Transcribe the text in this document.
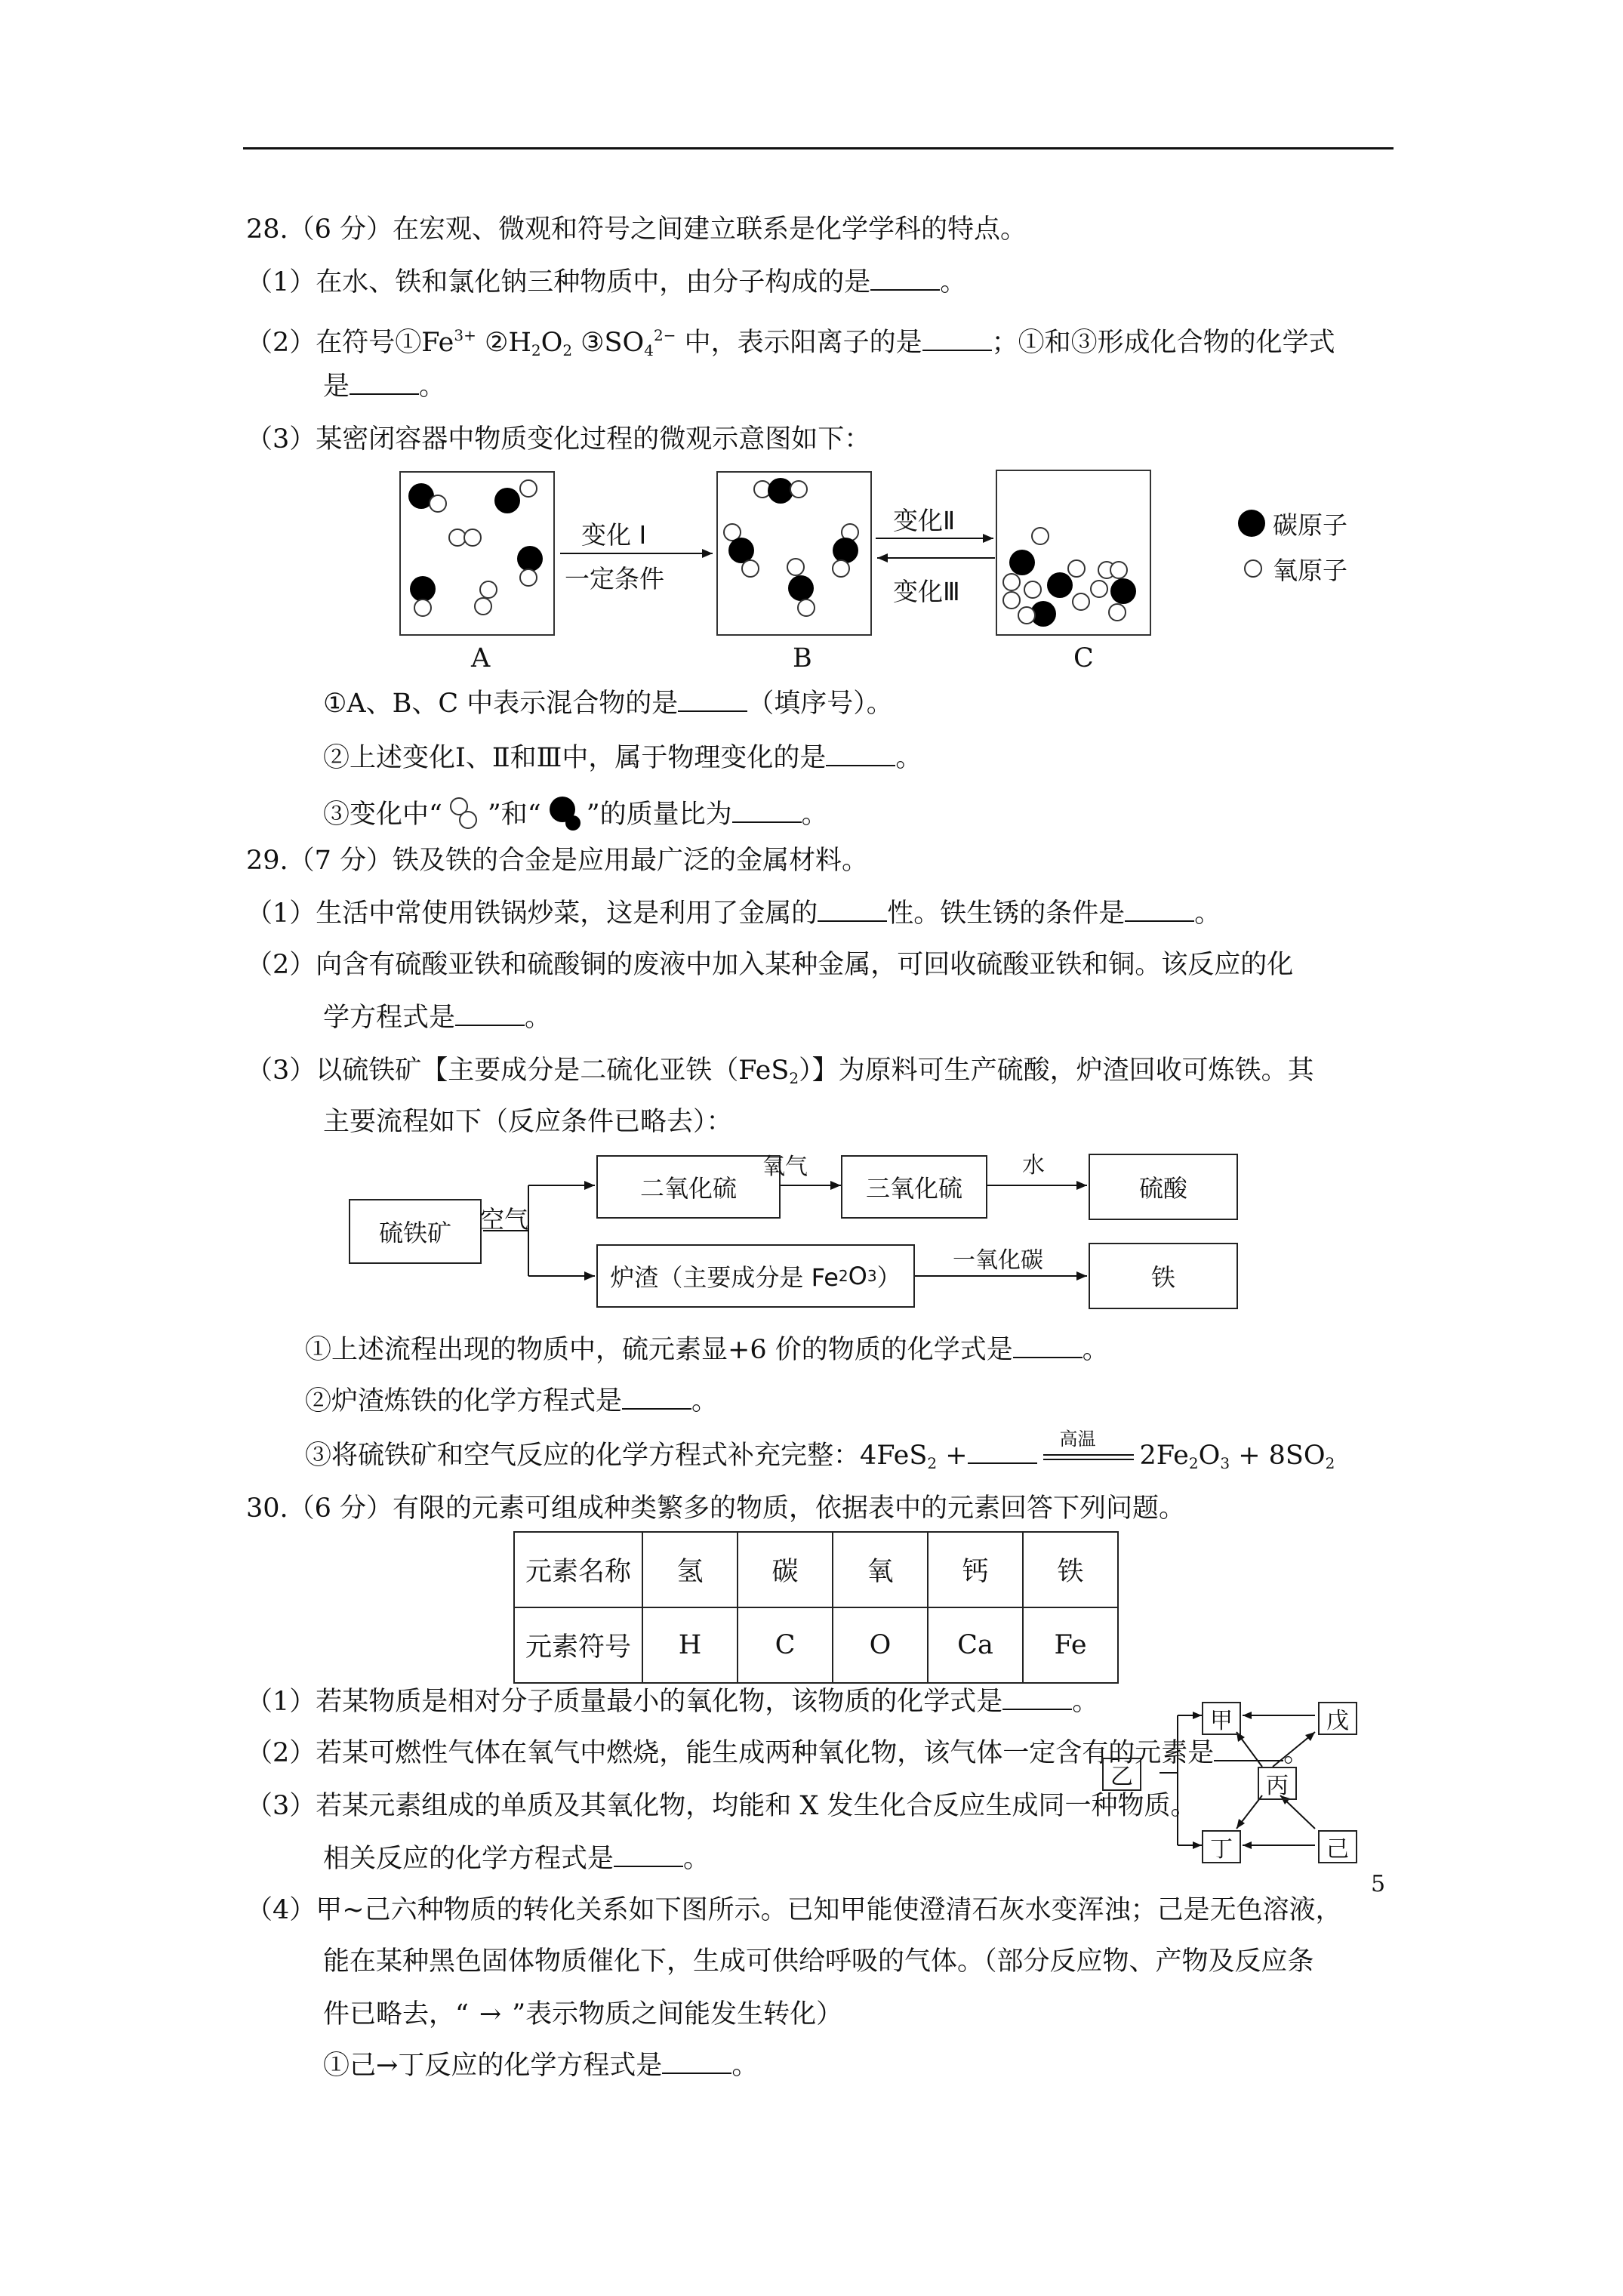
28.（6 分）在宏观、微观和符号之间建立联系是化学学科的特点。
（1）在水、铁和氯化钠三种物质中，由分子构成的是	。
（2）在符号$①Fe^{3+}$ $②H_2O_2$ $③SO_4^{2-}$ 中，表示阳离子的是	；①和③形成化合物的化学式
是	。
（3）某密闭容器中物质变化过程的微观示意图如下：
变化 I
一定条件
变化Ⅱ
变化Ⅲ
A	B	C
碳原子
氧原子
①A、B、C 中表示混合物的是	（填序号）。
②上述变化Ⅰ、Ⅱ和Ⅲ中，属于物理变化的是	。
③变化中“ ”和“ ”的质量比为	。
29.（7 分）铁及铁的合金是应用最广泛的金属材料。
（1）生活中常使用铁锅炒菜，这是利用了金属的	性。铁生锈的条件是	。
（2）向含有硫酸亚铁和硫酸铜的废液中加入某种金属，可回收硫酸亚铁和铜。该反应的化
学方程式是	。
（3）以硫铁矿【主要成分是二硫化亚铁（FeS$_2$）】为原料可生产硫酸，炉渣回收可炼铁。其
主要流程如下（反应条件已略去）：
硫铁矿	空气
二氧化硫
氧气
三氧化硫
水
硫酸
炉渣（主要成分是 Fe 2 O 3 ）
一氧化碳
铁
①上述流程出现的物质中，硫元素显+6 价的物质的化学式是	。
②炉渣炼铁的化学方程式是	。
③将硫铁矿和空气反应的化学方程式补充完整：4FeS$_2$ +
高温
$2Fe_2O_3 + 8SO_2$
30.（6 分）有限的元素可组成种类繁多的物质，依据表中的元素回答下列问题。
元素名称	氢	碳	氧	钙	铁
元素符号	H	C	O	Ca	Fe
（1）若某物质是相对分子质量最小的氧化物，该物质的化学式是	。
（2）若某可燃性气体在氧气中燃烧，能生成两种氧化物，该气体一定含有的元素是	。
（3）若某元素组成的单质及其氧化物，均能和 X 发生化合反应生成同一种物质。
相关反应的化学方程式是	。
（4）甲~己六种物质的转化关系如下图所示。已知甲能使澄清石灰水变浑浊；己是无色溶液，
能在某种黑色固体物质催化下，生成可供给呼吸的气体。（部分反应物、产物及反应条
件已略去，“ → ”表示物质之间能发生转化）
①己→丁反应的化学方程式是	。
甲	戊
乙	丙
丁	己
5
